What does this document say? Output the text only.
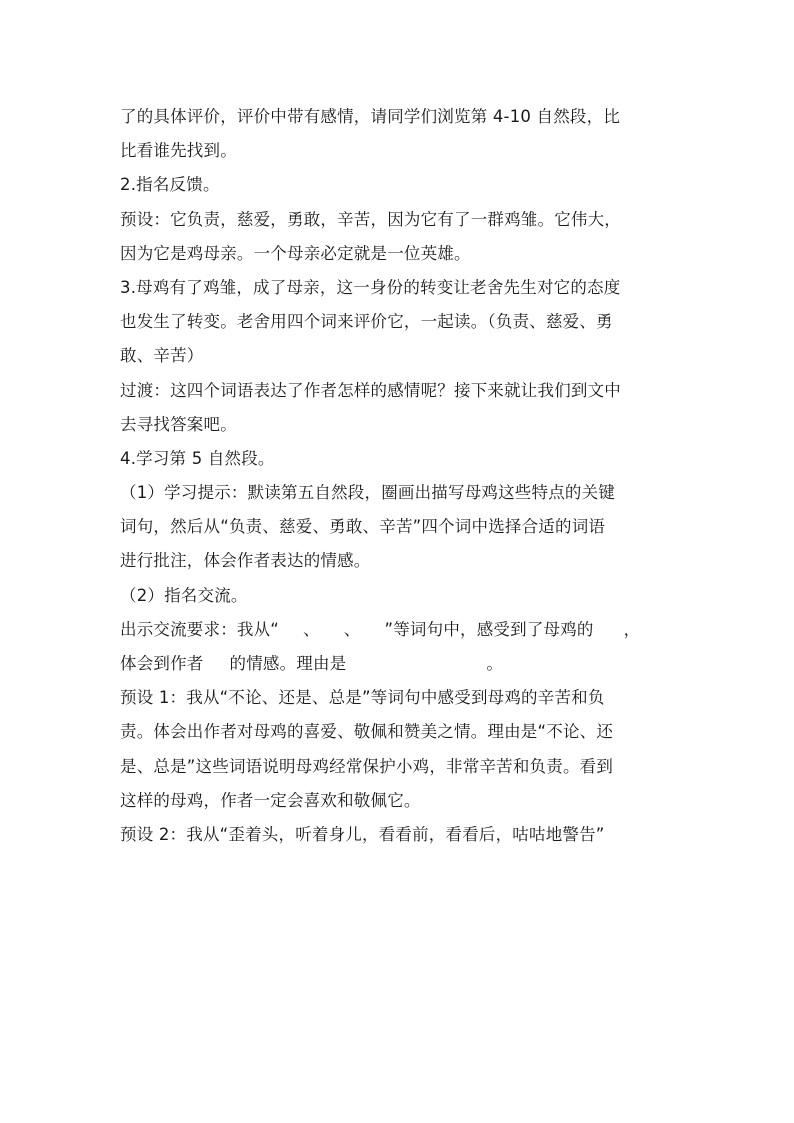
了的具体评价，评价中带有感情，请同学们浏览第 4-10 自然段，比
比看谁先找到。
2.指名反馈。
预设：它负责，慈爱，勇敢，辛苦，因为它有了一群鸡雏。它伟大，
因为它是鸡母亲。一个母亲必定就是一位英雄。
3.母鸡有了鸡雏，成了母亲，这一身份的转变让老舍先生对它的态度
也发生了转变。老舍用四个词来评价它，一起读。（负责、慈爱、勇
敢、辛苦）
过渡：这四个词语表达了作者怎样的感情呢？接下来就让我们到文中
去寻找答案吧。
4.学习第 5 自然段。
（1）学习提示：默读第五自然段，圈画出描写母鸡这些特点的关键
词句，然后从“负责、慈爱、勇敢、辛苦”四个词中选择合适的词语
进行批注，体会作者表达的情感。
（2）指名交流。
出示交流要求：我从“ 、 、 ”等词句中，感受到了母鸡的 ，
体会到作者 的情感。理由是	。
预设 1：我从“不论、还是、总是”等词句中感受到母鸡的辛苦和负
责。体会出作者对母鸡的喜爱、敬佩和赞美之情。理由是“不论、还
是、总是”这些词语说明母鸡经常保护小鸡，非常辛苦和负责。看到
这样的母鸡，作者一定会喜欢和敬佩它。
预设 2：我从“歪着头，听着身儿，看看前，看看后，咕咕地警告”
